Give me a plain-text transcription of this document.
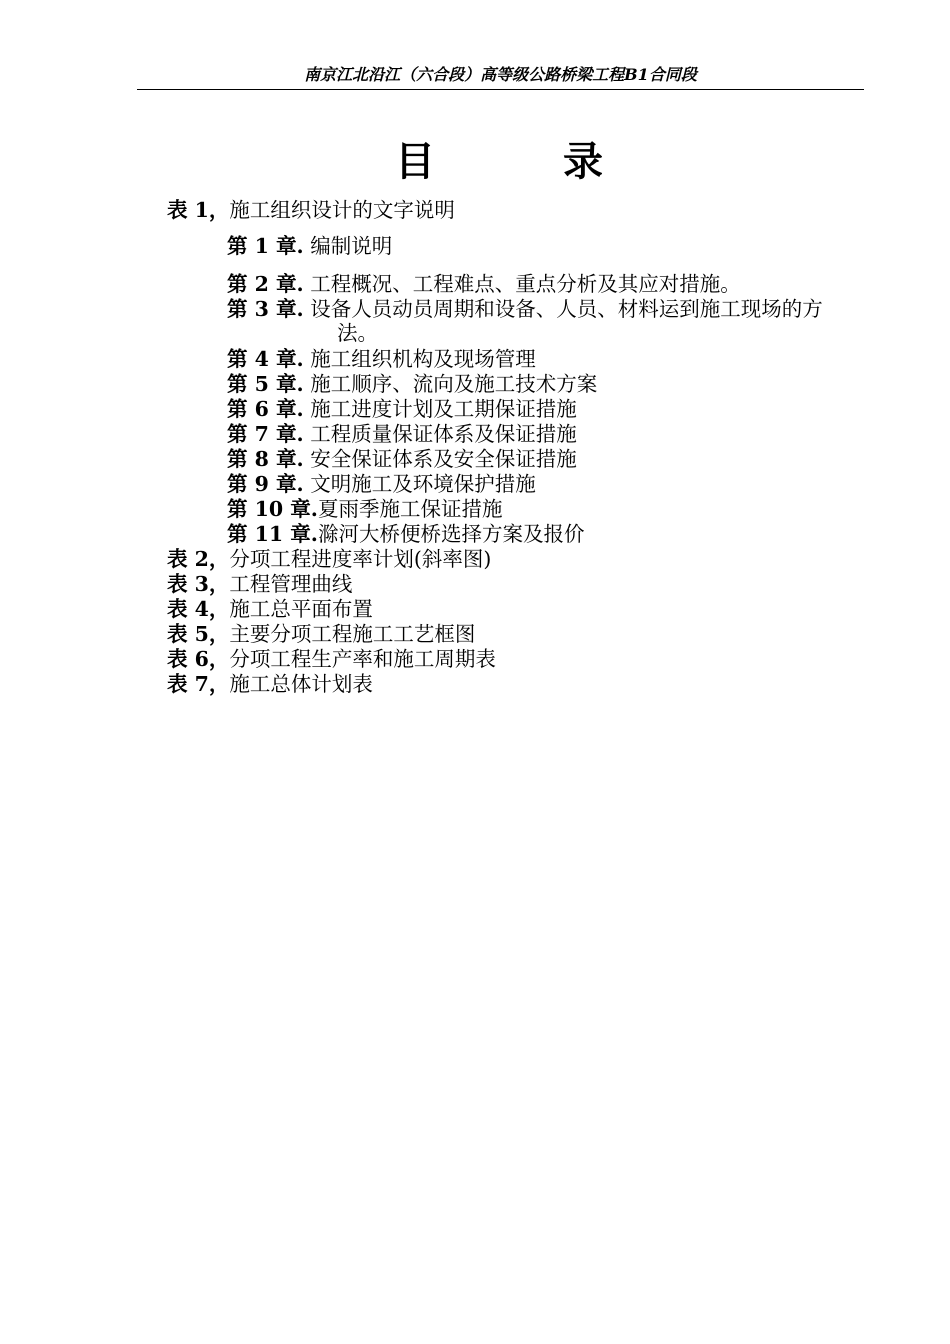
南京江北沿江（六合段）高等级公路桥梁工程B1合同段
目	录
表 1，施工组织设计的文字说明
第 1 章. 编制说明
第 2 章. 工程概况、工程难点、重点分析及其应对措施。
第 3 章. 设备人员动员周期和设备、人员、材料运到施工现场的方
法。
第 4 章. 施工组织机构及现场管理
第 5 章. 施工顺序、流向及施工技术方案
第 6 章. 施工进度计划及工期保证措施
第 7 章. 工程质量保证体系及保证措施
第 8 章. 安全保证体系及安全保证措施
第 9 章. 文明施工及环境保护措施
第 10 章.夏雨季施工保证措施
第 11 章.滁河大桥便桥选择方案及报价
表 2，分项工程进度率计划(斜率图)
表 3，工程管理曲线
表 4，施工总平面布置
表 5，主要分项工程施工工艺框图
表 6，分项工程生产率和施工周期表
表 7，施工总体计划表
